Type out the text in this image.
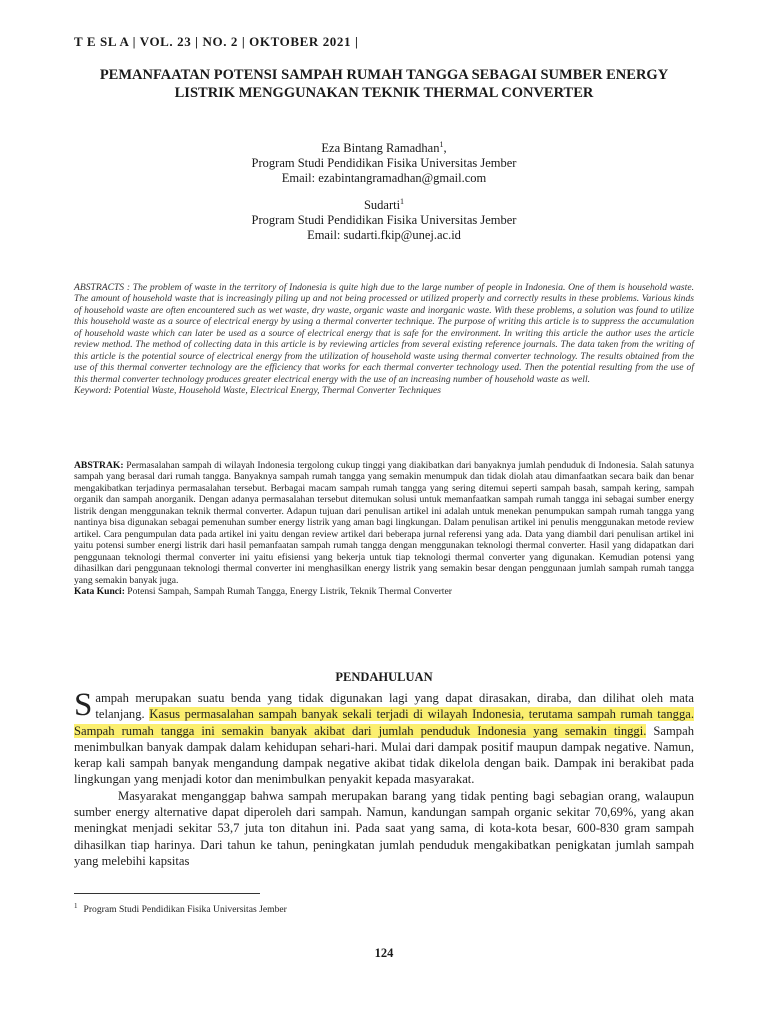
T E SL A | VOL. 23 | NO. 2 | OKTOBER 2021 |
PEMANFAATAN POTENSI SAMPAH RUMAH TANGGA SEBAGAI SUMBER ENERGY LISTRIK MENGGUNAKAN TEKNIK THERMAL CONVERTER
Eza Bintang Ramadhan$^1$,
Program Studi Pendidikan Fisika Universitas Jember
Email: ezabintangramadhan@gmail.com
Sudarti$^1$
Program Studi Pendidikan Fisika Universitas Jember
Email: sudarti.fkip@unej.ac.id
ABSTRACTS : The problem of waste in the territory of Indonesia is quite high due to the large number of people in Indonesia. One of them is household waste. The amount of household waste that is increasingly piling up and not being processed or utilized properly and correctly results in these problems. Various kinds of household waste are often encountered such as wet waste, dry waste, organic waste and inorganic waste. With these problems, a solution was found to utilize this household waste as a source of electrical energy by using a thermal converter technique. The purpose of writing this article is to suppress the accumulation of household waste which can later be used as a source of electrical energy that is safe for the environment. In writing this article the author uses the article review method. The method of collecting data in this article is by reviewing articles from several existing reference journals. The data taken from the writing of this article is the potential source of electrical energy from the utilization of household waste using thermal converter technology. The results obtained from the use of this thermal converter technology are the efficiency that works for each thermal converter technology used. Then the potential resulting from the use of this thermal converter technology produces greater electrical energy with the use of an increasing number of household waste as well.
Keyword: Potential Waste, Household Waste, Electrical Energy, Thermal Converter Techniques
ABSTRAK: Permasalahan sampah di wilayah Indonesia tergolong cukup tinggi yang diakibatkan dari banyaknya jumlah penduduk di Indonesia. Salah satunya sampah yang berasal dari rumah tangga. Banyaknya sampah rumah tangga yang semakin menumpuk dan tidak diolah atau dimanfaatkan secara baik dan benar mengakibatkan terjadinya permasalahan tersebut. Berbagai macam sampah rumah tangga yang sering ditemui seperti sampah basah, sampah kering, sampah organik dan sampah anorganik. Dengan adanya permasalahan tersebut ditemukan solusi untuk memanfaatkan sampah rumah tangga ini sebagai sumber energy listrik dengan menggunakan teknik thermal converter. Adapun tujuan dari penulisan artikel ini adalah untuk menekan penumpukan sampah rumah tangga yang nantinya bisa digunakan sebagai pemenuhan sumber energy listrik yang aman bagi lingkungan. Dalam penulisan artikel ini penulis menggunakan metode review artikel. Cara pengumpulan data pada artikel ini yaitu dengan review artikel dari beberapa jurnal referensi yang ada. Data yang diambil dari penulisan artikel ini yaitu potensi sumber energi listrik dari hasil pemanfaatan sampah rumah tangga dengan menggunakan teknologi thermal converter. Hasil yang didapatkan dari penggunaan teknologi thermal converter ini yaitu efisiensi yang bekerja untuk tiap teknologi thermal converter yang digunakan. Kemudian potensi yang dihasilkan dari penggunaan teknologi thermal converter ini menghasilkan energy listrik yang semakin besar dengan penggunaan jumlah sampah rumah tangga yang semakin banyak juga.
Kata Kunci: Potensi Sampah, Sampah Rumah Tangga, Energy Listrik, Teknik Thermal Converter
PENDAHULUAN

Sampah merupakan suatu benda yang tidak digunakan lagi yang dapat dirasakan, diraba, dan dilihat oleh mata telanjang. Kasus permasalahan sampah banyak sekali terjadi di wilayah Indonesia, terutama sampah rumah tangga. Sampah rumah tangga ini semakin banyak akibat dari jumlah penduduk Indonesia yang semakin tinggi. Sampah menimbulkan banyak dampak dalam kehidupan sehari-hari. Mulai dari dampak positif maupun dampak negative. Namun, kerap kali sampah banyak mengandung dampak negative akibat tidak dikelola dengan baik. Dampak ini berakibat pada lingkungan yang menjadi kotor dan menimbulkan penyakit kepada masyarakat.

Masyarakat menganggap bahwa sampah merupakan barang yang tidak penting bagi sebagian orang, walaupun sumber energy alternative dapat diperoleh dari sampah. Namun, kandungan sampah organic sekitar 70,69%, yang akan meningkat menjadi sekitar 53,7 juta ton ditahun ini. Pada saat yang sama, di kota-kota besar, 600-830 gram sampah dihasilkan tiap harinya. Dari tahun ke tahun, peningkatan jumlah penduduk mengakibatkan penigkatan jumlah sampah yang melebihi kapsitas

$^1$ Program Studi Pendidikan Fisika Universitas Jember
124
